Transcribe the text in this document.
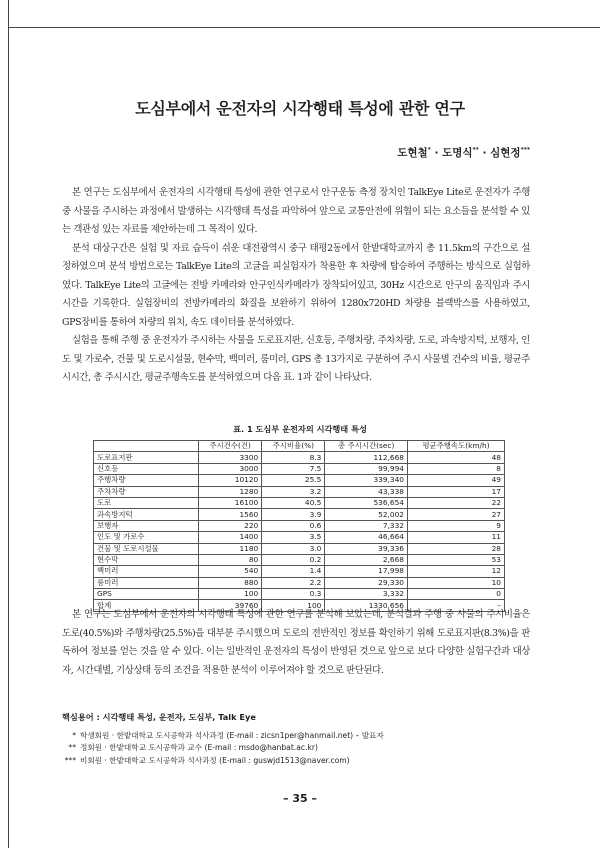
도심부에서 운전자의 시각행태 특성에 관한 연구
도현철* · 도명식** · 심현정***

본 연구는 도심부에서 운전자의 시각행태 특성에 관한 연구로서 안구운동 측정 장치인 TalkEye Lite로 운전자가 주행 중 사물을 주시하는 과정에서 발생하는 시각행태 특성을 파악하여 앞으로 교통안전에 위협이 되는 요소들을 분석할 수 있는 객관성 있는 자료를 제안하는데 그 목적이 있다.

분석 대상구간은 실험 및 자료 습득이 쉬운 대전광역시 중구 태평2동에서 한밭대학교까지 총 11.5km의 구간으로 설정하였으며 분석 방법으로는 TalkEye Lite의 고글을 피실험자가 착용한 후 차량에 탑승하여 주행하는 방식으로 실험하였다. TalkEye Lite의 고글에는 전방 카메라와 안구인식카메라가 장착되어있고, 30Hz 시간으로 안구의 움직임과 주시시간을 기록한다. 실험장비의 전방카메라의 화질을 보완하기 위하여 1280x720HD 차량용 블랙박스를 사용하였고, GPS장비를 통하여 차량의 위치, 속도 데이터를 분석하였다.

실험을 통해 주행 중 운전자가 주시하는 사물을 도로표지판, 신호등, 주행차량, 주차차량, 도로, 과속방지턱, 보행자, 인도 및 가로수, 건물 및 도로시설물, 현수막, 백미러, 룸미러, GPS 총 13가지로 구분하여 주시 사물별 건수의 비율, 평균주시시간, 총 주시시간, 평균주행속도를 분석하였으며 다음 표. 1과 같이 나타났다.

표. 1 도심부 운전자의 시각행태 특성
	주시건수(건)	주시비율(%)	총 주시시간(sec)	평균주행속도(km/h)
도로표지판	3300	8.3	112,668	48
신호등	3000	7.5	99,994	8
주행차량	10120	25.5	339,340	49
주차차량	1280	3.2	43,338	17
도로	16100	40.5	536,654	22
과속방지턱	1560	3.9	52,002	27
보행자	220	0.6	7,332	9
인도 및 가로수	1400	3.5	46,664	11
건물 및 도로시설물	1180	3.0	39,336	28
현수막	80	0.2	2,668	53
백미러	540	1.4	17,998	12
룸미러	880	2.2	29,330	10
GPS	100	0.3	3,332	0
합계	39760	100	1330,656	–

본 연구는 도심부에서 운전자의 시각행태 특성에 관한 연구를 분석해 보았는데, 분석결과 주행 중 사물의 주시비율은 도로(40.5%)와 주행차량(25.5%)을 대부분 주시했으며 도로의 전반적인 정보를 확인하기 위해 도로표지판(8.3%)을 판독하여 정보를 얻는 것을 알 수 있다. 이는 일반적인 운전자의 특성이 반영된 것으로 앞으로 보다 다양한 실험구간과 대상자, 시간대별, 기상상태 등의 조건을 적용한 분석이 이루어져야 할 것으로 판단된다.

핵심용어 : 시각행태 특성, 운전자, 도심부, Talk Eye
* 학생회원 · 한밭대학교 도시공학과 석사과정 (E-mail : zicsn1per@hanmail.net) – 발표자
** 정회원 · 한밭대학교 도시공학과 교수 (E-mail : msdo@hanbat.ac.kr)
*** 비회원 · 한밭대학교 도시공학과 석사과정 (E-mail : guswjd1513@naver.com)
– 35 –
